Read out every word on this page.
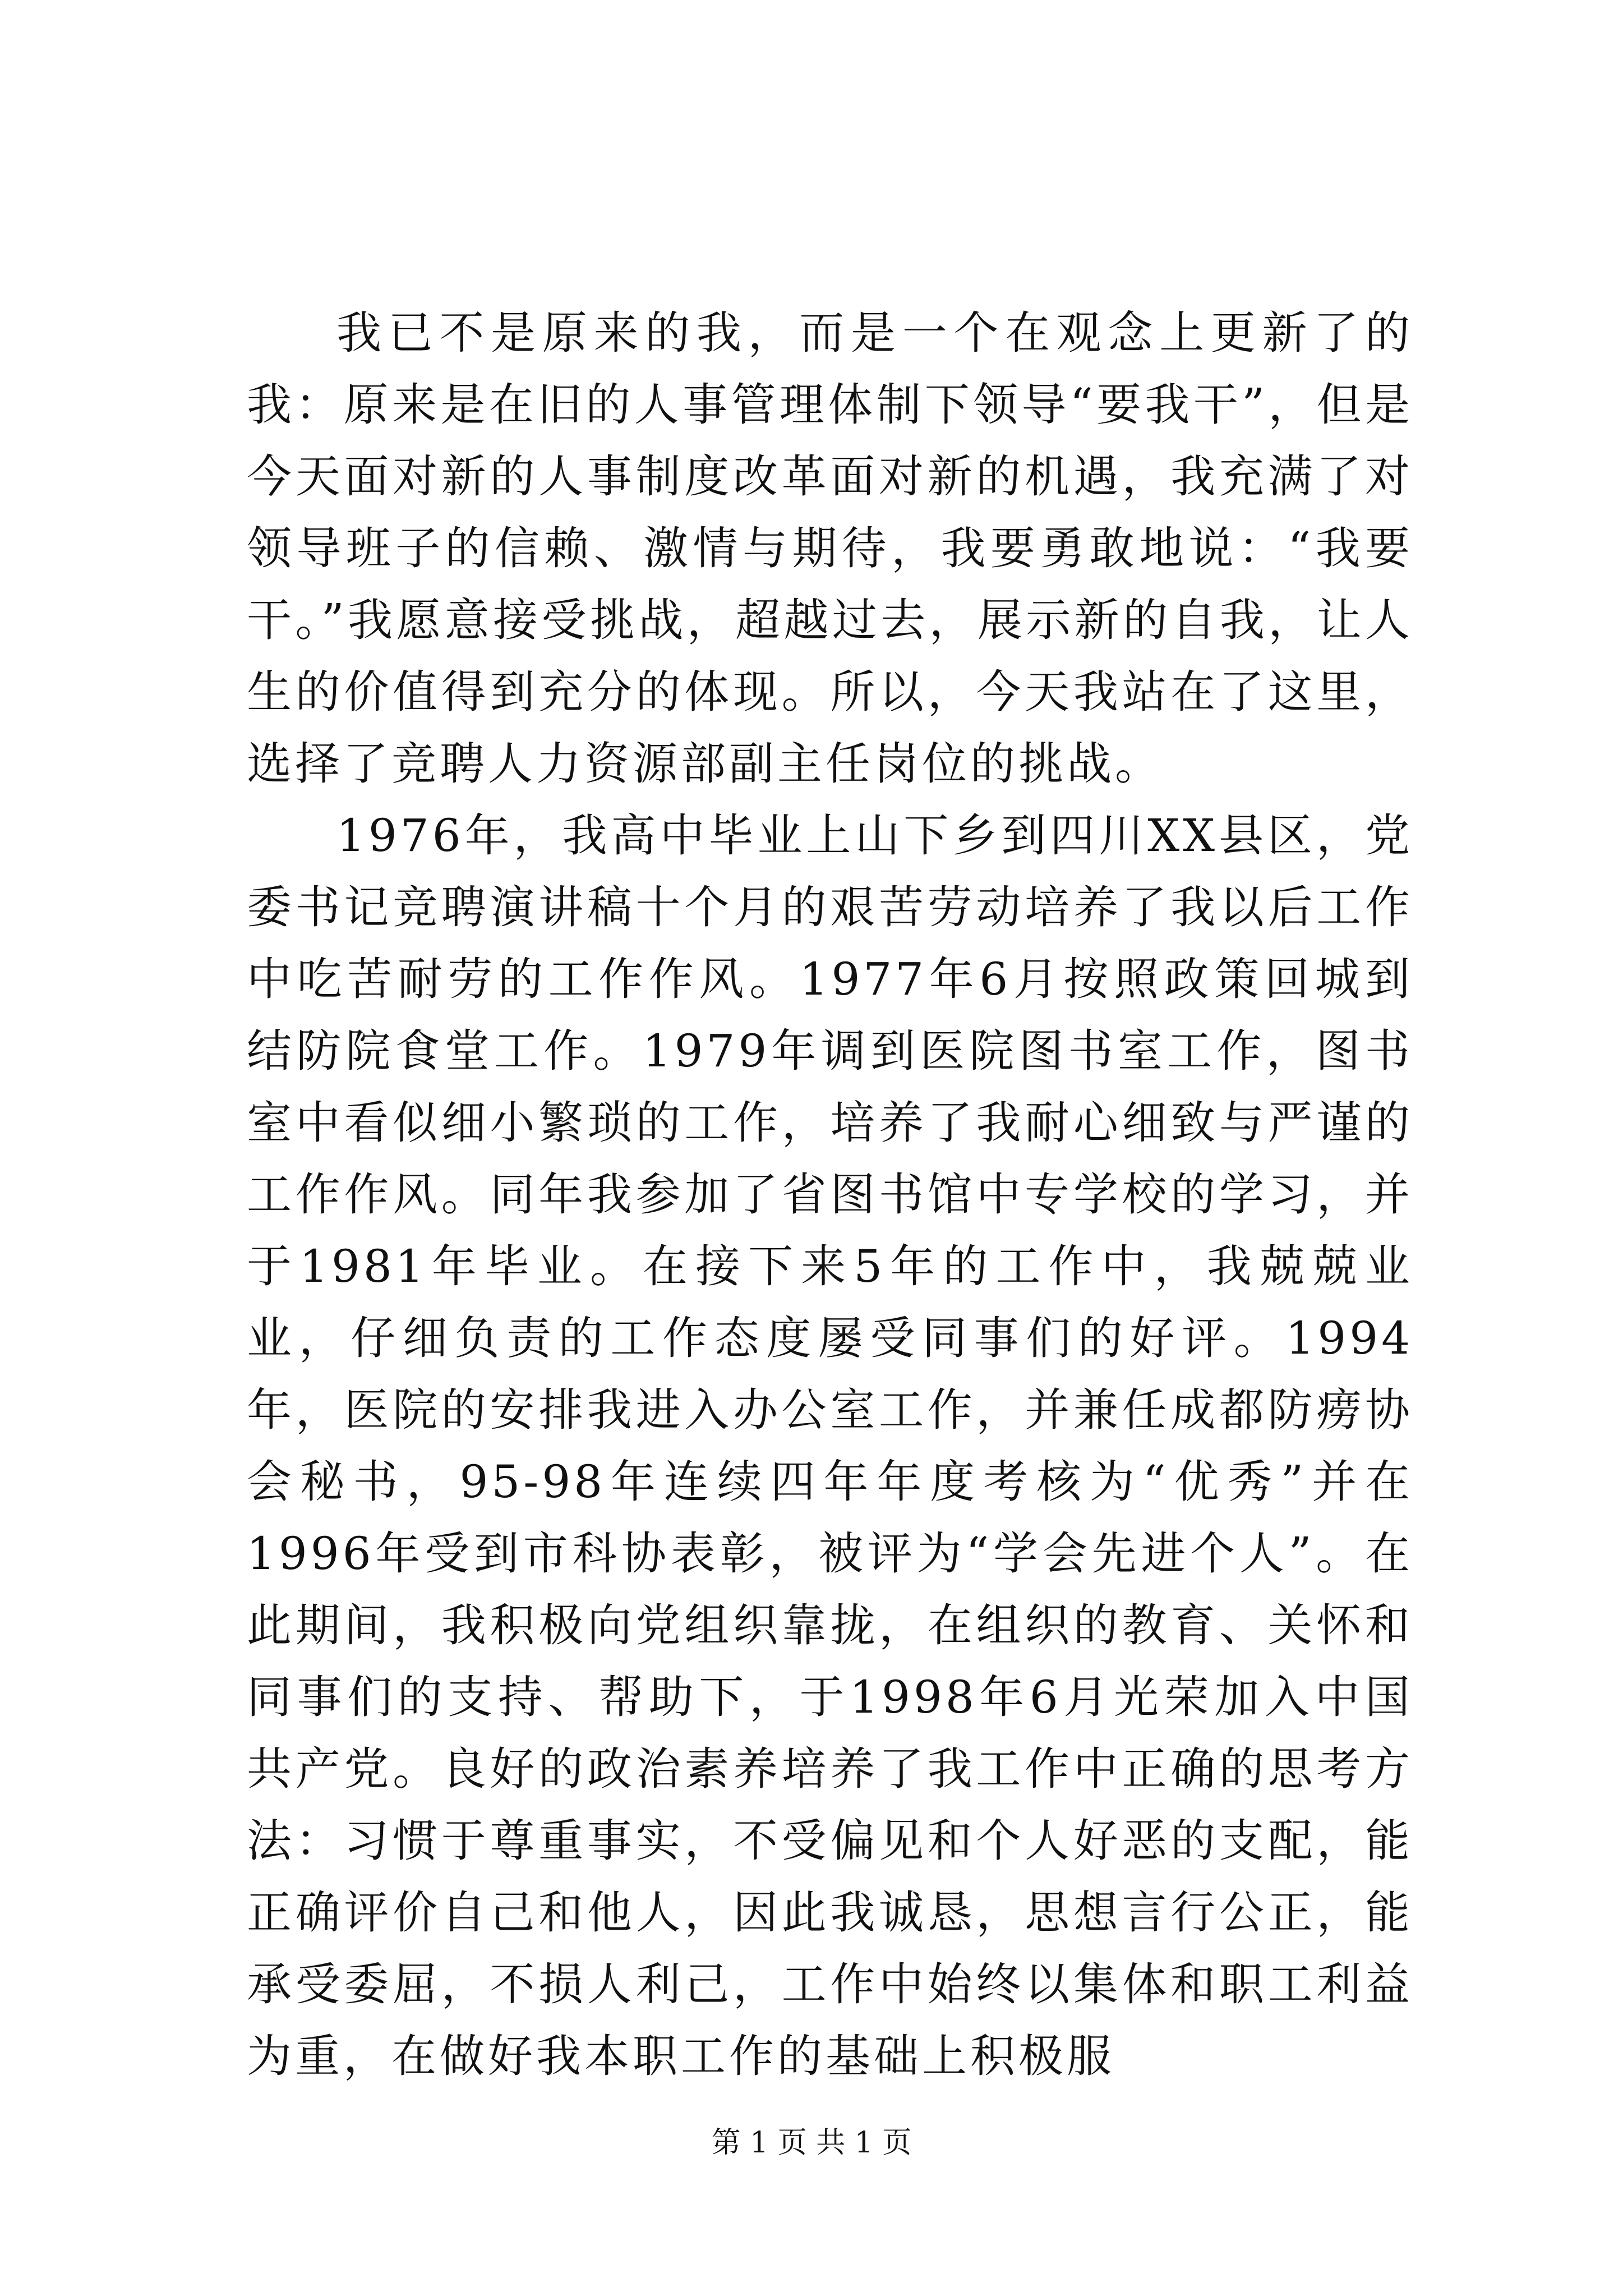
我已不是原来的我，而是一个在观念上更新了的我：原来是在旧的人事管理体制下领导“要我干”，但是今天面对新的人事制度改革面对新的机遇，我充满了对领导班子的信赖、激情与期待，我要勇敢地说：“我要干。”我愿意接受挑战，超越过去，展示新的自我，让人生的价值得到充分的体现。所以，今天我站在了这里，选择了竞聘人力资源部副主任岗位的挑战。

1976年，我高中毕业上山下乡到四川XX县区，党委书记竞聘演讲稿十个月的艰苦劳动培养了我以后工作中吃苦耐劳的工作作风。1977年6月按照政策回城到结防院食堂工作。1979年调到医院图书室工作，图书室中看似细小繁琐的工作，培养了我耐心细致与严谨的工作作风。同年我参加了省图书馆中专学校的学习，并于1981年毕业。在接下来5年的工作中，我兢兢业业，仔细负责的工作态度屡受同事们的好评。1994年，医院的安排我进入办公室工作，并兼任成都防痨协会秘书，95-98年连续四年年度考核为“优秀”并在1996年受到市科协表彰，被评为“学会先进个人”。在此期间，我积极向党组织靠拢，在组织的教育、关怀和同事们的支持、帮助下，于1998年6月光荣加入中国共产党。良好的政治素养培养了我工作中正确的思考方法：习惯于尊重事实，不受偏见和个人好恶的支配，能正确评价自己和他人，因此我诚恳，思想言行公正，能承受委屈，不损人利己，工作中始终以集体和职工利益为重，在做好我本职工作的基础上积极服

第 1 页 共 1 页
